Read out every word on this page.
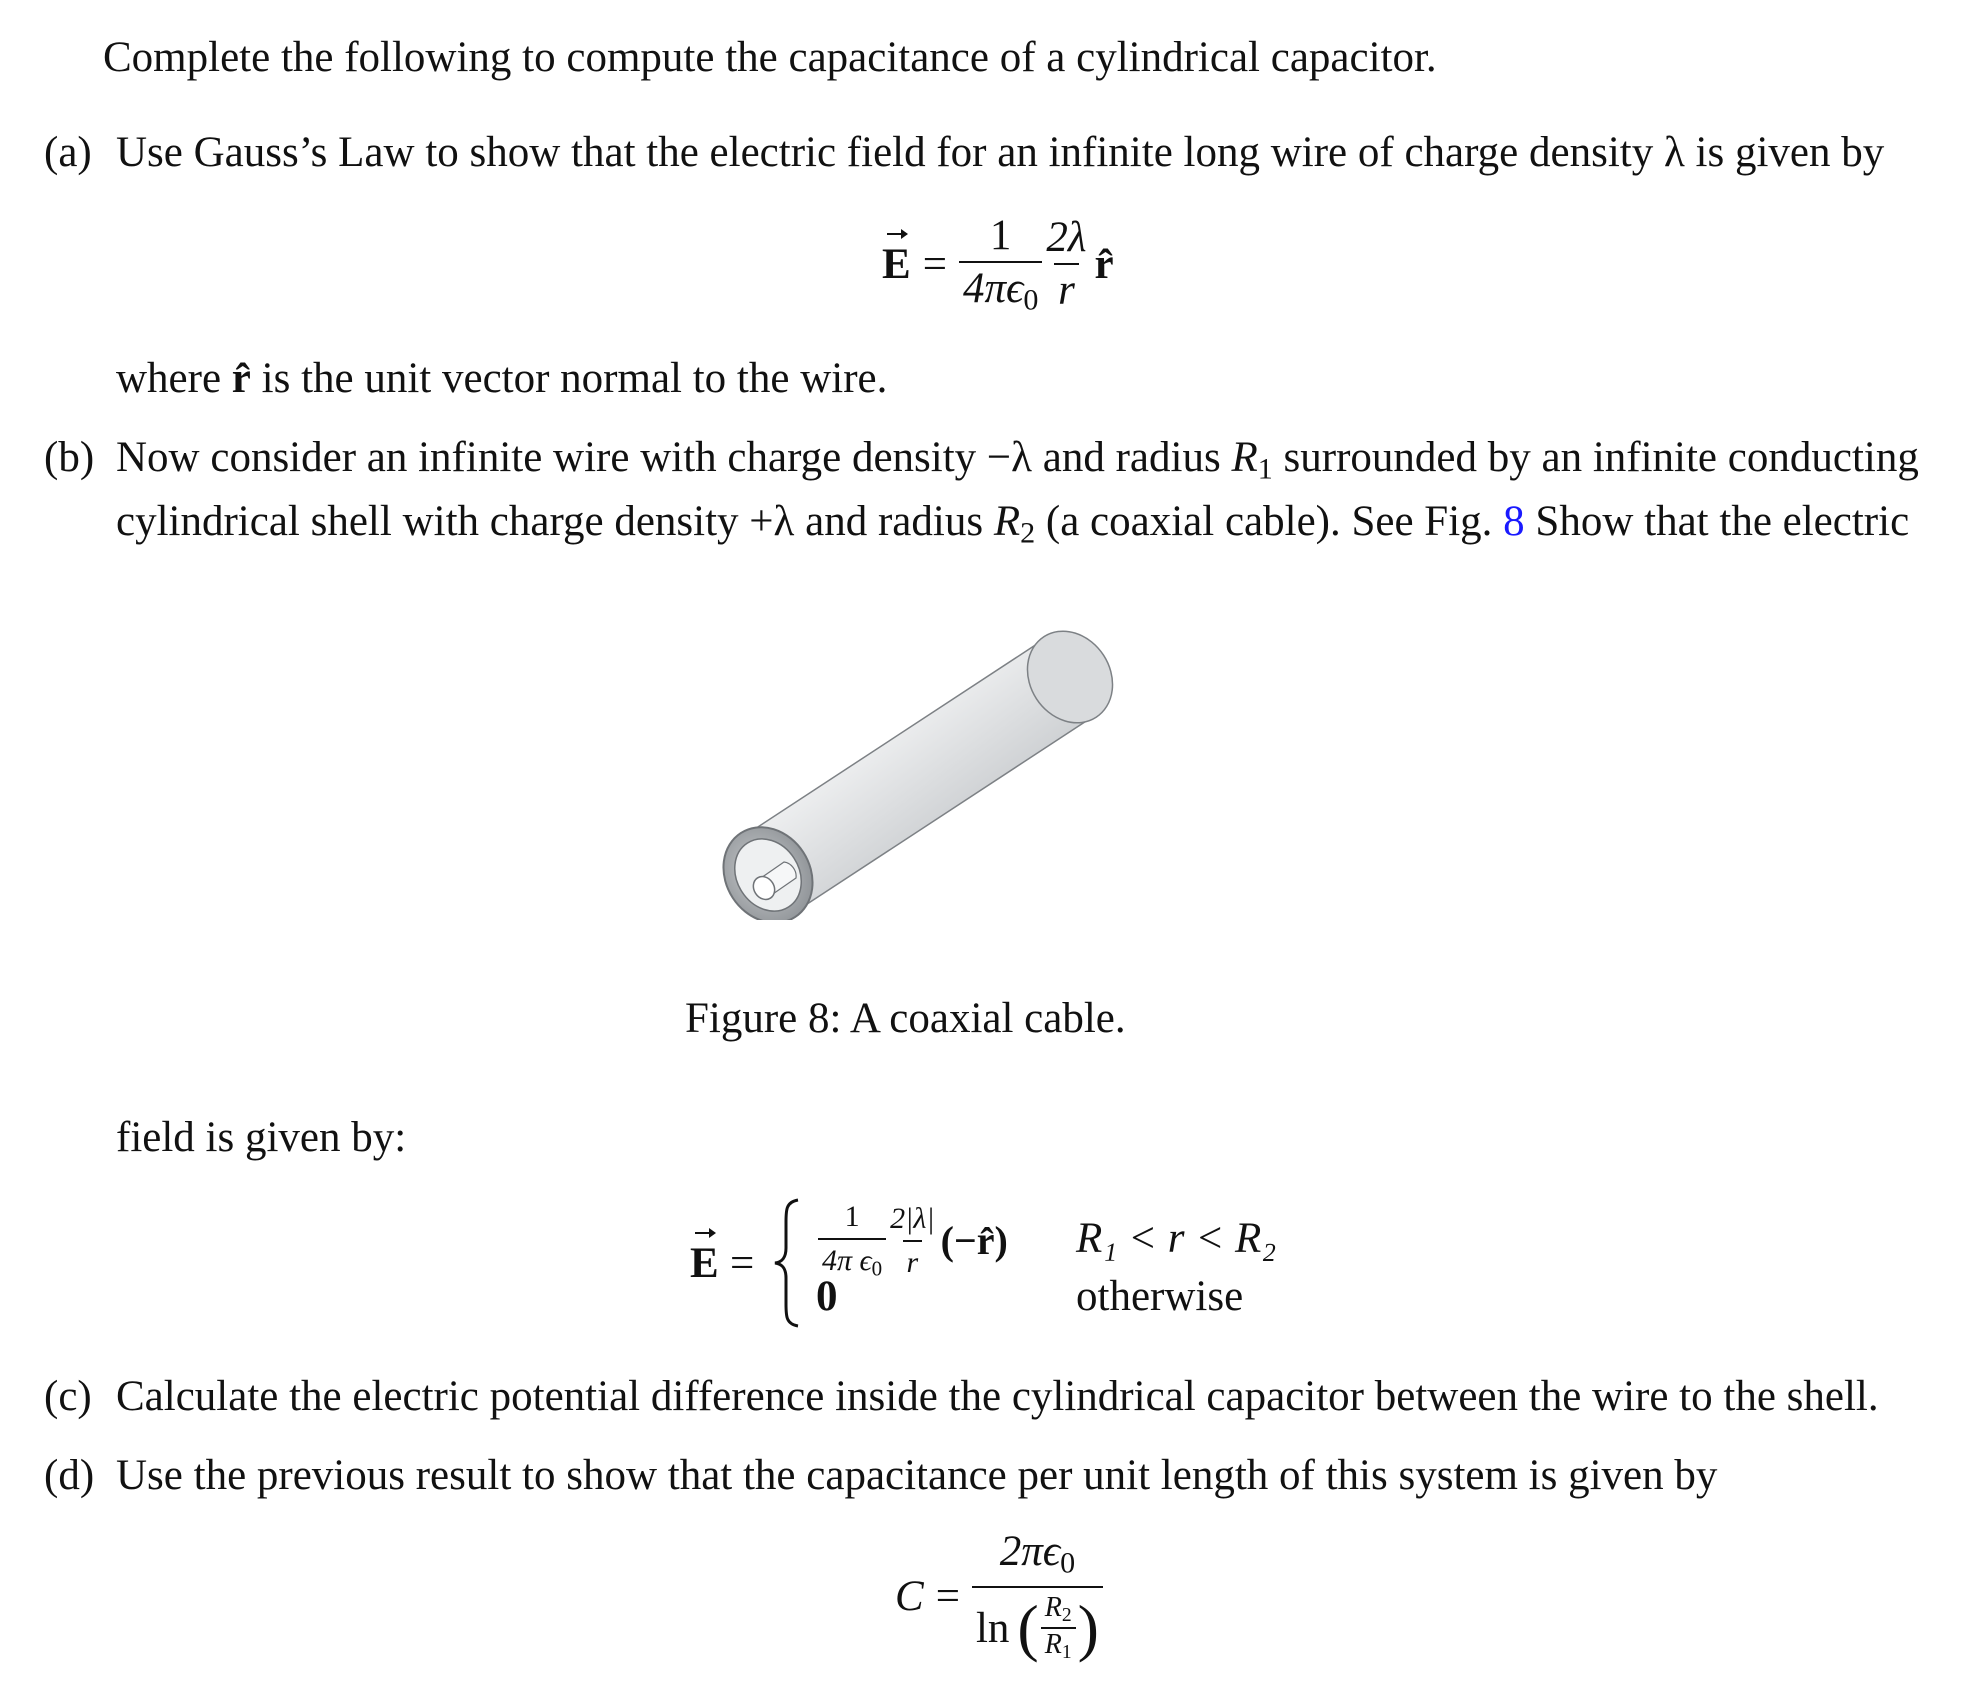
Complete the following to compute the capacitance of a cylindrical capacitor.
(a) Use Gauss’s Law to show that the electric field for an infinite long wire of charge density λ is given by
$E = \frac{1}{4\pi\epsilon_0} \frac{2\lambda}{r}$ r̂
where r̂ is the unit vector normal to the wire.
(b) Now consider an infinite wire with charge density −λ and radius $R_1$ surrounded by an infinite conducting
cylindrical shell with charge density +λ and radius $R_2$ (a coaxial cable). See Fig. 8 Show that the electric
Figure 8: A coaxial cable.
field is given by:
$E = \frac{1}{4\pi \epsilon_0} \frac{2|\lambda|}{r}$ (−r̂) R₁ < r < R₂
0	otherwise
(c) Calculate the electric potential difference inside the cylindrical capacitor between the wire to the shell.
(d) Use the previous result to show that the capacitance per unit length of this system is given by
$C = \frac{2\pi\epsilon_0}{\ln ( \frac{R_2}{R_1} )}$
